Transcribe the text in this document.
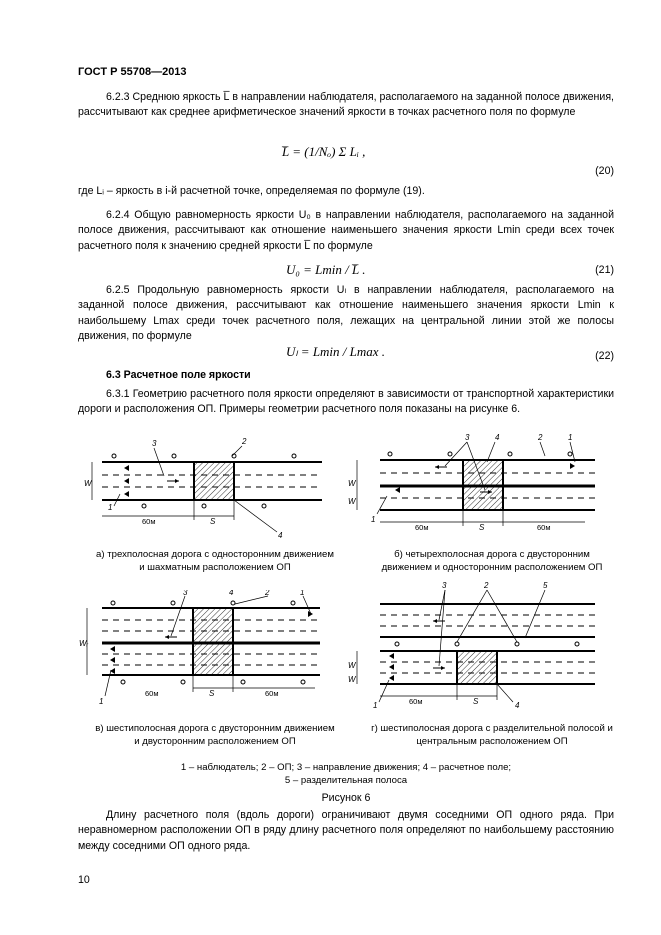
ГОСТ Р 55708—2013
6.2.3 Среднюю яркость L̅ в направлении наблюдателя, располагаемого на заданной полосе движения, рассчитывают как среднее арифметическое значений яркости в точках расчетного поля по формуле
L̅ = (1/Nₒ) Σ Lᵢ ,
(20)
где Lᵢ – яркость в i-й расчетной точке, определяемая по формуле (19).
6.2.4 Общую равномерность яркости U₀ в направлении наблюдателя, располагаемого на заданной полосе движения, рассчитывают как отношение наименьшего значения яркости Lmin среди всех точек расчетного поля к значению средней яркости L̅ по формуле
U₀ = Lmin / L̅ .	(21)
6.2.5 Продольную равномерность яркости Uₗ в направлении наблюдателя, располагаемого на заданной полосе движения, рассчитывают как отношение наименьшего значения яркости Lmin к наибольшему Lmax среди точек расчетного поля, лежащих на центральной линии этой же полосы движения, по формуле
Uₗ = Lmin / Lmax .	(22)
6.3 Расчетное поле яркости
6.3.1 Геометрию расчетного поля яркости определяют в зависимости от транспортной характеристики дороги и расположения ОП. Примеры геометрии расчетного поля показаны на рисунке 6.
W
60м	S
3	2
4
1
а) трехполосная дорога с односторонним движением и шахматным расположением ОП
W
W
60м	S	60м
3	4	2	1
1
б) четырехполосная дорога с двусторонним движением и односторонним расположением ОП
Wᵣ
60м	S	60м
3	4	2	1
1
в) шестиполосная дорога с двусторонним движением и двусторонним расположением ОП
W
W
60м	S
3	2	5
4
1
г) шестиполосная дорога с разделительной полосой и центральным расположением ОП
1 – наблюдатель; 2 – ОП; 3 – направление движения; 4 – расчетное поле;
5 – разделительная полоса
Рисунок 6
Длину расчетного поля (вдоль дороги) ограничивают двумя соседними ОП одного ряда. При неравномерном расположении ОП в ряду длину расчетного поля определяют по наибольшему расстоянию между соседними ОП одного ряда.
10
